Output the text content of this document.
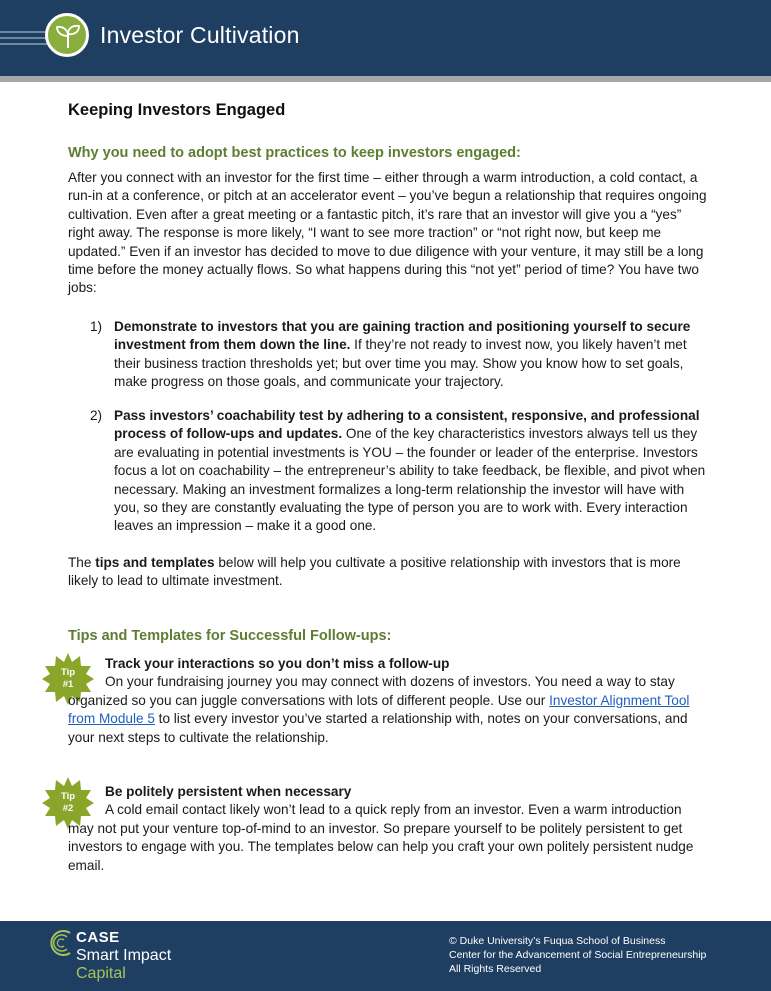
Investor Cultivation
Keeping Investors Engaged
Why you need to adopt best practices to keep investors engaged:

After you connect with an investor for the first time – either through a warm introduction, a cold contact, a run-in at a conference, or pitch at an accelerator event – you’ve begun a relationship that requires ongoing cultivation. Even after a great meeting or a fantastic pitch, it’s rare that an investor will give you a “yes” right away. The response is more likely, “I want to see more traction” or “not right now, but keep me updated.” Even if an investor has decided to move to due diligence with your venture, it may still be a long time before the money actually flows. So what happens during this “not yet” period of time? You have two jobs:

1) Demonstrate to investors that you are gaining traction and positioning yourself to secure investment from them down the line. If they’re not ready to invest now, you likely haven’t met their business traction thresholds yet; but over time you may. Show you know how to set goals, make progress on those goals, and communicate your trajectory.
2) Pass investors’ coachability test by adhering to a consistent, responsive, and professional process of follow-ups and updates. One of the key characteristics investors always tell us they are evaluating in potential investments is YOU – the founder or leader of the enterprise. Investors focus a lot on coachability – the entrepreneur’s ability to take feedback, be flexible, and pivot when necessary. Making an investment formalizes a long-term relationship the investor will have with you, so they are constantly evaluating the type of person you are to work with. Every interaction leaves an impression – make it a good one.

The tips and templates below will help you cultivate a positive relationship with investors that is more likely to lead to ultimate investment.

Tips and Templates for Successful Follow-ups:
Tip
#1
Track your interactions so you don’t miss a follow-up
On your fundraising journey you may connect with dozens of investors. You need a way to stay organized so you can juggle conversations with lots of different people. Use our Investor Alignment Tool from Module 5 to list every investor you’ve started a relationship with, notes on your conversations, and your next steps to cultivate the relationship.
Tip
#2
Be politely persistent when necessary
A cold email contact likely won’t lead to a quick reply from an investor. Even a warm introduction may not put your venture top-of-mind to an investor. So prepare yourself to be politely persistent to get investors to engage with you. The templates below can help you craft your own politely persistent nudge email.
CASE
Smart Impact
Capital
© Duke University’s Fuqua School of Business
Center for the Advancement of Social Entrepreneurship
All Rights Reserved
